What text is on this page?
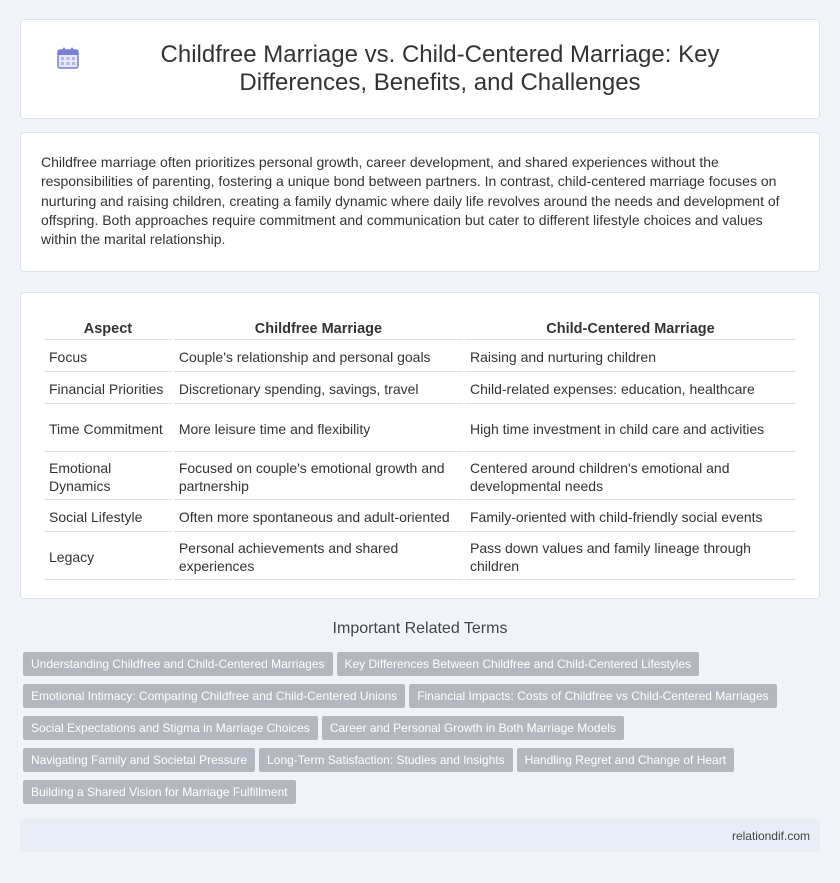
Childfree Marriage vs. Child-Centered Marriage: Key Differences, Benefits, and Challenges

Childfree marriage often prioritizes personal growth, career development, and shared experiences without the responsibilities of parenting, fostering a unique bond between partners. In contrast, child-centered marriage focuses on nurturing and raising children, creating a family dynamic where daily life revolves around the needs and development of offspring. Both approaches require commitment and communication but cater to different lifestyle choices and values within the marital relationship.

Aspect	Childfree Marriage	Child-Centered Marriage
Focus	Couple's relationship and personal goals	Raising and nurturing children
Financial Priorities	Discretionary spending, savings, travel	Child-related expenses: education, healthcare
Time Commitment	More leisure time and flexibility	High time investment in child care and activities
Emotional Dynamics	Focused on couple's emotional growth and partnership	Centered around children's emotional and developmental needs
Social Lifestyle	Often more spontaneous and adult-oriented	Family-oriented with child-friendly social events
Legacy	Personal achievements and shared experiences	Pass down values and family lineage through children
Important Related Terms
Understanding Childfree and Child-Centered Marriages Key Differences Between Childfree and Child-Centered Lifestyles
Emotional Intimacy: Comparing Childfree and Child-Centered Unions Financial Impacts: Costs of Childfree vs Child-Centered Marriages
Social Expectations and Stigma in Marriage Choices Career and Personal Growth in Both Marriage Models
Navigating Family and Societal Pressure Long-Term Satisfaction: Studies and Insights Handling Regret and Change of Heart
Building a Shared Vision for Marriage Fulfillment
relationdif.com
